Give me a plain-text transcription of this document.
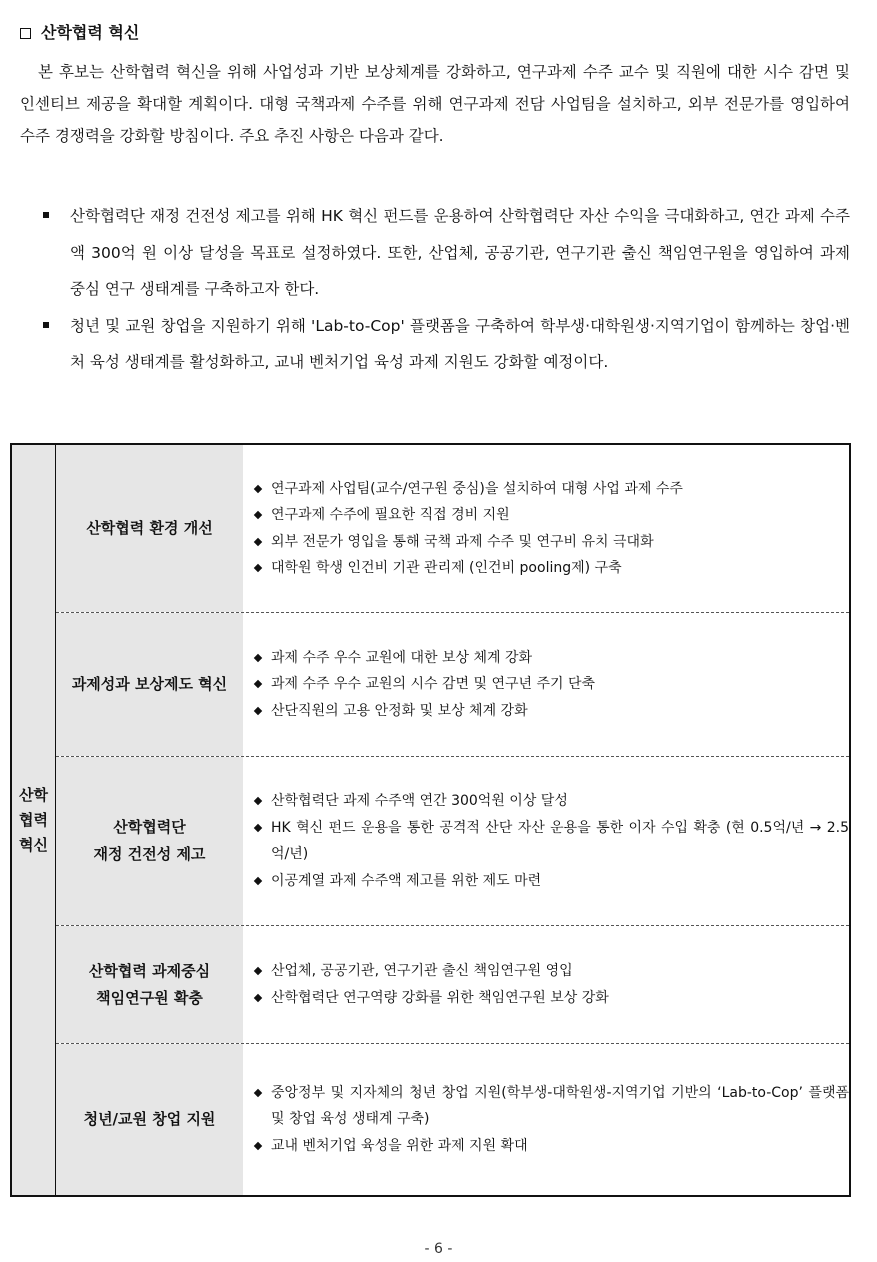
산학협력 혁신

본 후보는 산학협력 혁신을 위해 사업성과 기반 보상체계를 강화하고, 연구과제 수주 교수 및 직원에 대한 시수 감면 및 인센티브 제공을 확대할 계획이다. 대형 국책과제 수주를 위해 연구과제 전담 사업팀을 설치하고, 외부 전문가를 영입하여 수주 경쟁력을 강화할 방침이다. 주요 추진 사항은 다음과 같다.

산학협력단 재정 건전성 제고를 위해 HK 혁신 펀드를 운용하여 산학협력단 자산 수익을 극대화하고, 연간 과제 수주액 300억 원 이상 달성을 목표로 설정하였다. 또한, 산업체, 공공기관, 연구기관 출신 책임연구원을 영입하여 과제 중심 연구 생태계를 구축하고자 한다.
청년 및 교원 창업을 지원하기 위해 'Lab-to-Cop' 플랫폼을 구축하여 학부생·대학원생·지역기업이 함께하는 창업·벤처 육성 생태계를 활성화하고, 교내 벤처기업 육성 과제 지원도 강화할 예정이다.
산학
협력
혁신
산학협력 환경 개선
연구과제 사업팀(교수/연구원 중심)을 설치하여 대형 사업 과제 수주
연구과제 수주에 필요한 직접 경비 지원
외부 전문가 영입을 통해 국책 과제 수주 및 연구비 유치 극대화
대학원 학생 인건비 기관 관리제 (인건비 pooling제) 구축
과제성과 보상제도 혁신
과제 수주 우수 교원에 대한 보상 체계 강화
과제 수주 우수 교원의 시수 감면 및 연구년 주기 단축
산단직원의 고용 안정화 및 보상 체계 강화
산학협력단
재정 건전성 제고
산학협력단 과제 수주액 연간 300억원 이상 달성
HK 혁신 펀드 운용을 통한 공격적 산단 자산 운용을 통한 이자 수입 확충 (현 0.5억/년 → 2.5억/년)
이공계열 과제 수주액 제고를 위한 제도 마련
산학협력 과제중심
책임연구원 확충
산업체, 공공기관, 연구기관 출신 책임연구원 영입
산학협력단 연구역량 강화를 위한 책임연구원 보상 강화
청년/교원 창업 지원
중앙정부 및 지자체의 청년 창업 지원(학부생-대학원생-지역기업 기반의 ‘Lab-to-Cop’ 플랫폼 및 창업 육성 생태계 구축)
교내 벤처기업 육성을 위한 과제 지원 확대
- 6 -
